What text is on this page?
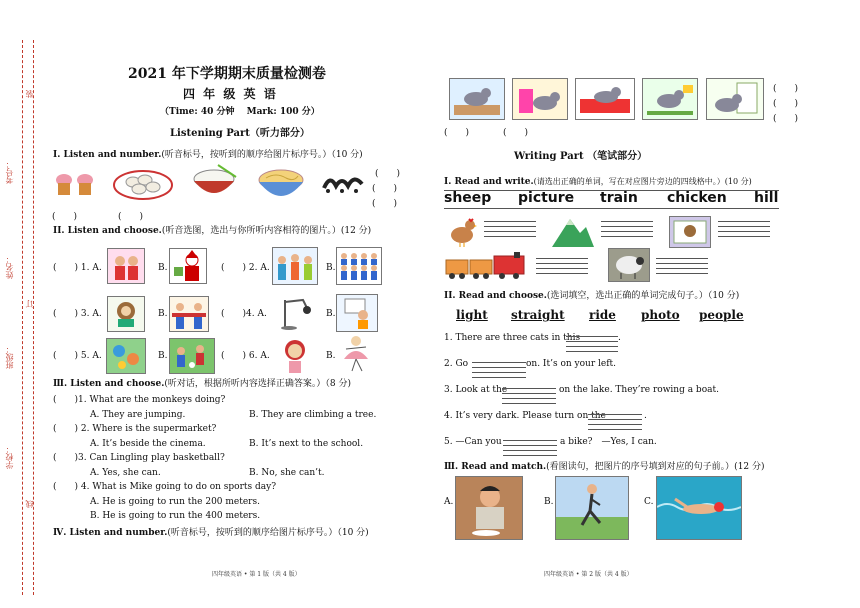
学校：
班级：
姓名：
考号：
装
订
线
2021 年下学期期末质量检测卷
四 年 级 英 语
（Time: 40 分钟　 Mark: 100 分）
Listening Part（听力部分）
Ⅰ. Listen and number.(听音标号，按听到的顺序给图片标序号。）（10 分)
(　　)
(　　)
(　　)
(　　)	(　　)
II. Listen and choose.(听音选图，选出与你所听内容相符的图片。）(12 分)
(　　) 1. A.	B.	(　　) 2. A.	B.
(　　) 3. A.	B.	(　　)4. A.	B.
(　　) 5. A.	B.	(　　) 6. A.	B.
Ⅲ. Listen and choose.(听对话，根据所听内容选择正确答案。）（8 分)
(　　)1. What are the monkeys doing?
A. They are jumping.	B. They are climbing a tree.
(　　) 2. Where is the supermarket?
A. It’s beside the cinema.	B. It’s next to the school.
(　　)3. Can Lingling play basketball?
A. Yes, she can.	B. No, she can’t.
(　　) 4. What is Mike going to do on sports day?
A. He is going to run the 200 meters.
B. He is going to run the 400 meters.
Ⅳ. Listen and number.(听音标号，按听到的顺序给图片标序号。）（10 分)
四年级英语 • 第 1 版（共 4 版）
(　　)
(　　)
(　　)
(　　)	(　　)
Writing Part （笔试部分）
Ⅰ. Read and write.(请选出正确的单词，写在对应图片旁边的四线格中。）(10 分)
sheep picture train chicken hill
II. Read and choose.(选词填空，选出正确的单词完成句子。）（10 分)
light straight ride photo people
1. There are three cats in this	.
2. Go	on. It’s on your left.
3. Look at the	on the lake. They’re rowing a boat.
4. It’s very dark. Please turn on the	.
5. —Can you	a bike?　—Yes, I can.
Ⅲ. Read and match.(看图读句，把图片的序号填到对应的句子前。）(12 分)
A.	B.	C.
四年级英语 • 第 2 版（共 4 版）
